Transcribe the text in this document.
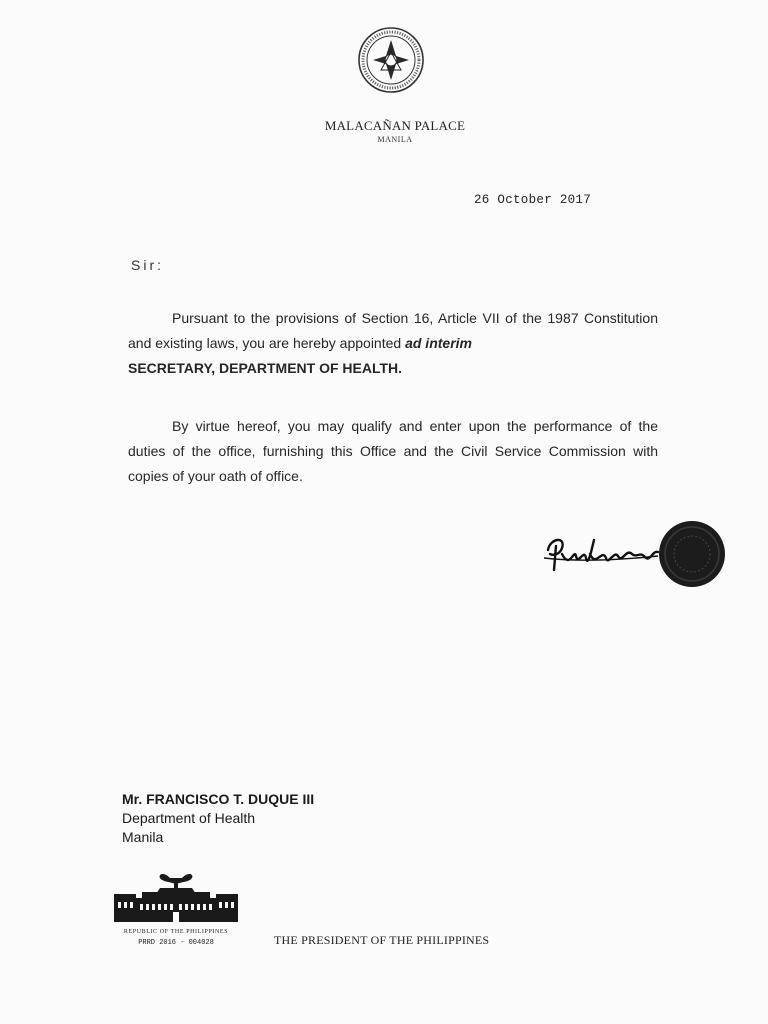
MALACAÑAN PALACE
MANILA
26 October 2017
Sir:
Pursuant to the provisions of Section 16, Article VII of the 1987 Constitution and existing laws, you are hereby appointed ad interim
SECRETARY, DEPARTMENT OF HEALTH.
By virtue hereof, you may qualify and enter upon the performance of the duties of the office, furnishing this Office and the Civil Service Commission with copies of your oath of office.
Mr. FRANCISCO T. DUQUE III
Department of Health
Manila
REPUBLIC OF THE PHILIPPINES
PRRD 2016 - 004028	THE PRESIDENT OF THE PHILIPPINES
